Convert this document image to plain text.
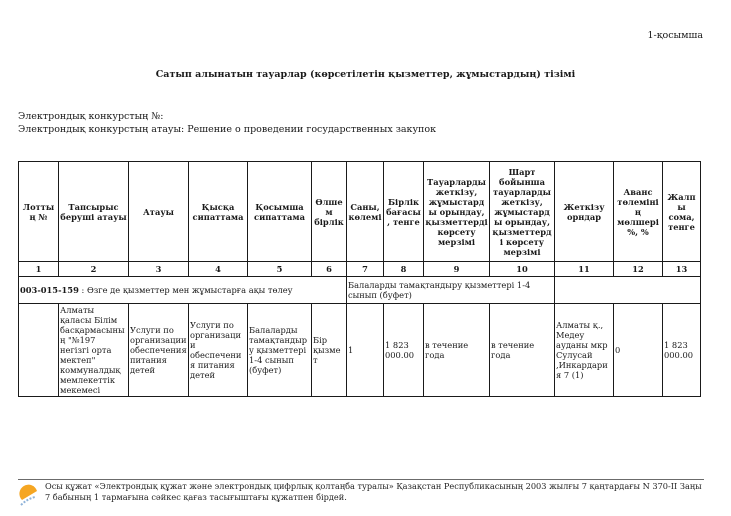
1-қосымша
Сатып алынатын тауарлар (көрсетілетін қызметтер, жұмыстардың) тізімі
Электрондық конкурстың №:
Электрондық конкурстың атауы: Решение о проведении государственных закупок
Лоттың №	Тапсырыс беруші атауы	Атауы	Қысқа сипаттама	Қосымша сипаттама	Өлшем бірлік	Саны, көлемі	Бірлік бағасы, тенге	Тауарларды жеткізу, жұмыстарды орындау, қызметтерді көрсету мерзімі	Шарт бойынша тауарларды жеткізу, жұмыстарды орындау, қызметтерді көрсету мерзімі	Жеткізу орндар	Аванс төлемінің мөлшері %, %	Жалпы сома, тенге
1	2	3	4	5	6	7	8	9	10	11	12	13
003-015-159 : Өзге де қызметтер мен жұмыстарға ақы төлеу						Балаларды тамақтандыру қызметтері 1-4 сынып (буфет)						
	Алматы қаласы Білім басқармасының "№197 негізгі орта мектеп" коммуналдық мемлекеттік мекемесі	Услуги по организации обеспечения питания детей	Услуги по организации обеспечения питания детей	Балаларды тамақтандыру қызметтері 1-4 сынып (буфет)	Бір қызмет	1	1 823 000.00	в течение года	в течение года	Алматы қ., Медеу ауданы мкр Сулусай ,Инкардария 7 (1)	0	1 823 000.00
Осы құжат «Электрондық құжат және электрондық цифрлық қолтаңба туралы» Қазақстан Республикасының 2003 жылғы 7 қаңтардағы N 370-II Заңы 7 бабының 1 тармағына сәйкес қағаз тасығыштағы құжатпен бірдей.
